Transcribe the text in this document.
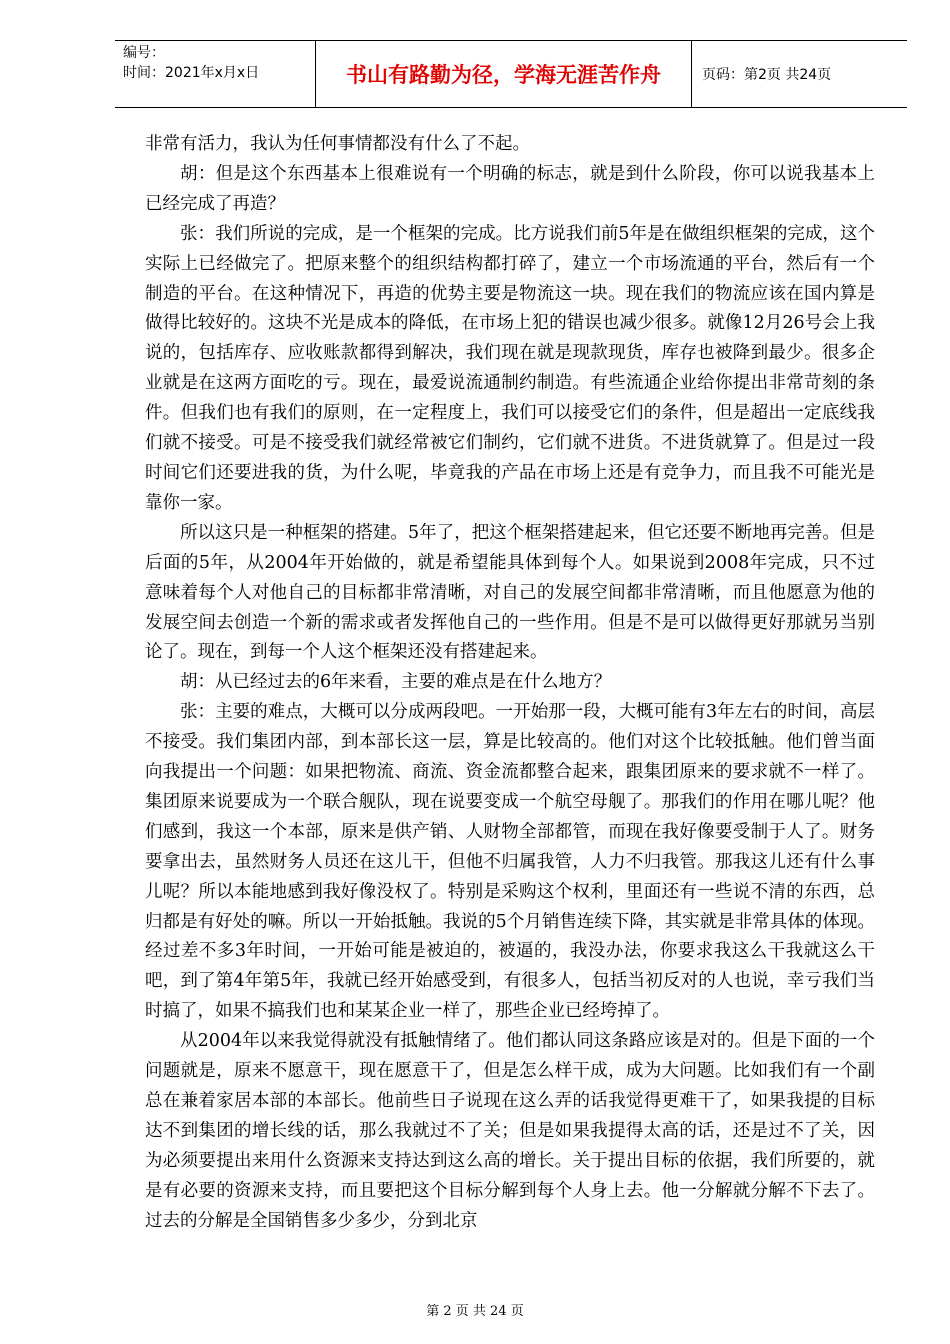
编号：
时间：2021年x月x日	书山有路勤为径，学海无涯苦作舟	页码：第2页 共24页

非常有活力，我认为任何事情都没有什么了不起。

胡：但是这个东西基本上很难说有一个明确的标志，就是到什么阶段，你可以说我基本上已经完成了再造？

张：我们所说的完成，是一个框架的完成。比方说我们前5年是在做组织框架的完成，这个实际上已经做完了。把原来整个的组织结构都打碎了，建立一个市场流通的平台，然后有一个制造的平台。在这种情况下，再造的优势主要是物流这一块。现在我们的物流应该在国内算是做得比较好的。这块不光是成本的降低，在市场上犯的错误也减少很多。就像12月26号会上我说的，包括库存、应收账款都得到解决，我们现在就是现款现货，库存也被降到最少。很多企业就是在这两方面吃的亏。现在，最爱说流通制约制造。有些流通企业给你提出非常苛刻的条件。但我们也有我们的原则，在一定程度上，我们可以接受它们的条件，但是超出一定底线我们就不接受。可是不接受我们就经常被它们制约，它们就不进货。不进货就算了。但是过一段时间它们还要进我的货，为什么呢，毕竟我的产品在市场上还是有竞争力，而且我不可能光是靠你一家。

所以这只是一种框架的搭建。5年了，把这个框架搭建起来，但它还要不断地再完善。但是后面的5年，从2004年开始做的，就是希望能具体到每个人。如果说到2008年完成，只不过意味着每个人对他自己的目标都非常清晰，对自己的发展空间都非常清晰，而且他愿意为他的发展空间去创造一个新的需求或者发挥他自己的一些作用。但是不是可以做得更好那就另当别论了。现在，到每一个人这个框架还没有搭建起来。

胡：从已经过去的6年来看，主要的难点是在什么地方？

张：主要的难点，大概可以分成两段吧。一开始那一段，大概可能有3年左右的时间，高层不接受。我们集团内部，到本部长这一层，算是比较高的。他们对这个比较抵触。他们曾当面向我提出一个问题：如果把物流、商流、资金流都整合起来，跟集团原来的要求就不一样了。集团原来说要成为一个联合舰队，现在说要变成一个航空母舰了。那我们的作用在哪儿呢？他们感到，我这一个本部，原来是供产销、人财物全部都管，而现在我好像要受制于人了。财务要拿出去，虽然财务人员还在这儿干，但他不归属我管，人力不归我管。那我这儿还有什么事儿呢？所以本能地感到我好像没权了。特别是采购这个权利，里面还有一些说不清的东西，总归都是有好处的嘛。所以一开始抵触。我说的5个月销售连续下降，其实就是非常具体的体现。经过差不多3年时间，一开始可能是被迫的，被逼的，我没办法，你要求我这么干我就这么干吧，到了第4年第5年，我就已经开始感受到，有很多人，包括当初反对的人也说，幸亏我们当时搞了，如果不搞我们也和某某企业一样了，那些企业已经垮掉了。

从2004年以来我觉得就没有抵触情绪了。他们都认同这条路应该是对的。但是下面的一个问题就是，原来不愿意干，现在愿意干了，但是怎么样干成，成为大问题。比如我们有一个副总在兼着家居本部的本部长。他前些日子说现在这么弄的话我觉得更难干了，如果我提的目标达不到集团的增长线的话，那么我就过不了关；但是如果我提得太高的话，还是过不了关，因为必须要提出来用什么资源来支持达到这么高的增长。关于提出目标的依据，我们所要的，就是有必要的资源来支持，而且要把这个目标分解到每个人身上去。他一分解就分解不下去了。过去的分解是全国销售多少多少，分到北京

第 2 页 共 24 页
